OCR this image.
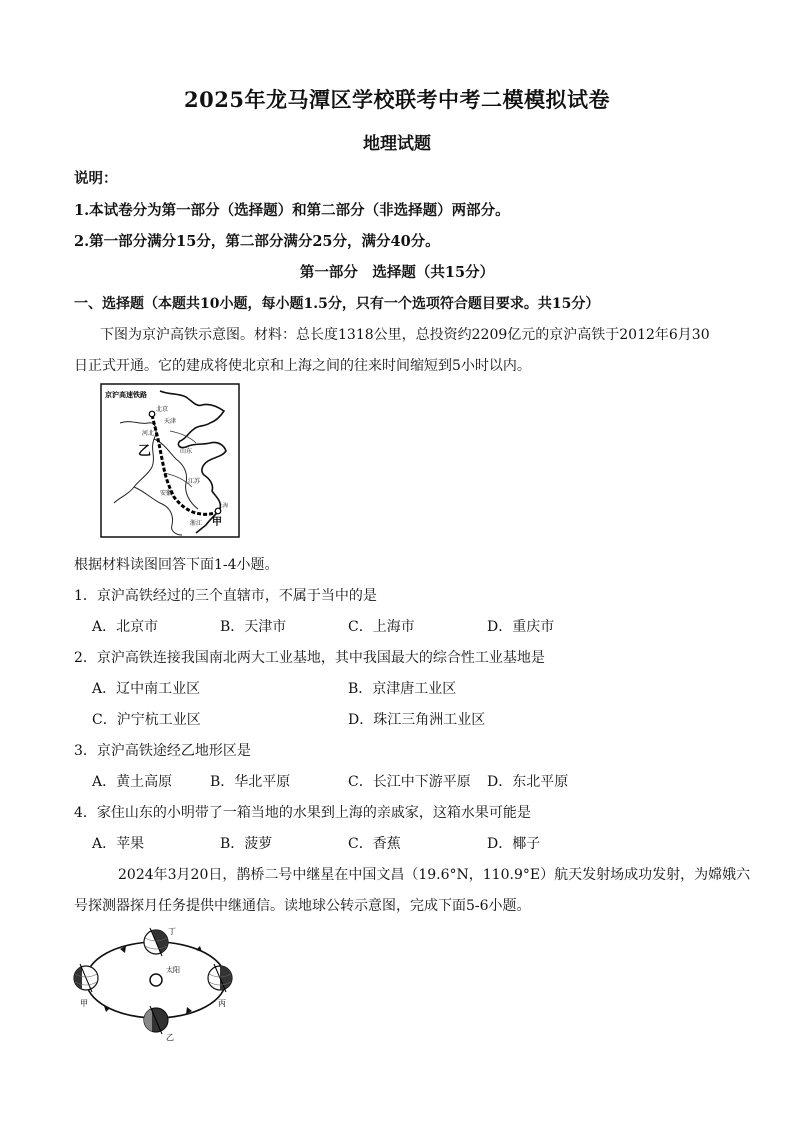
2025年龙马潭区学校联考中考二模模拟试卷
地理试题
说明：
1.本试卷分为第一部分（选择题）和第二部分（非选择题）两部分。
2.第一部分满分15分，第二部分满分25分，满分40分。
第一部分　选择题（共15分）
一、选择题（本题共10小题，每小题1.5分，只有一个选项符合题目要求。共15分）
下图为京沪高铁示意图。材料：总长度1318公里，总投资约2209亿元的京沪高铁于2012年6月30
日正式开通。它的建成将使北京和上海之间的往来时间缩短到5小时以内。
京沪高速铁路
北京
天津
河北
乙	山东
江苏
安徽
上海
浙江 甲
根据材料读图回答下面1-4小题。
1．京沪高铁经过的三个直辖市，不属于当中的是
A．北京市	B．天津市	C．上海市	D．重庆市
2．京沪高铁连接我国南北两大工业基地，其中我国最大的综合性工业基地是
A．辽中南工业区	B．京津唐工业区
C．沪宁杭工业区	D．珠江三角洲工业区
3．京沪高铁途经乙地形区是
A．黄土高原	B．华北平原	C．长江中下游平原 D．东北平原
4．家住山东的小明带了一箱当地的水果到上海的亲戚家，这箱水果可能是
A．苹果	B．菠萝	C．香蕉	D．椰子
2024年3月20日，鹊桥二号中继星在中国文昌（19.6°N，110.9°E）航天发射场成功发射，为嫦娥六
号探测器探月任务提供中继通信。读地球公转示意图，完成下面5-6小题。
太阳
丁
甲	丙
乙
